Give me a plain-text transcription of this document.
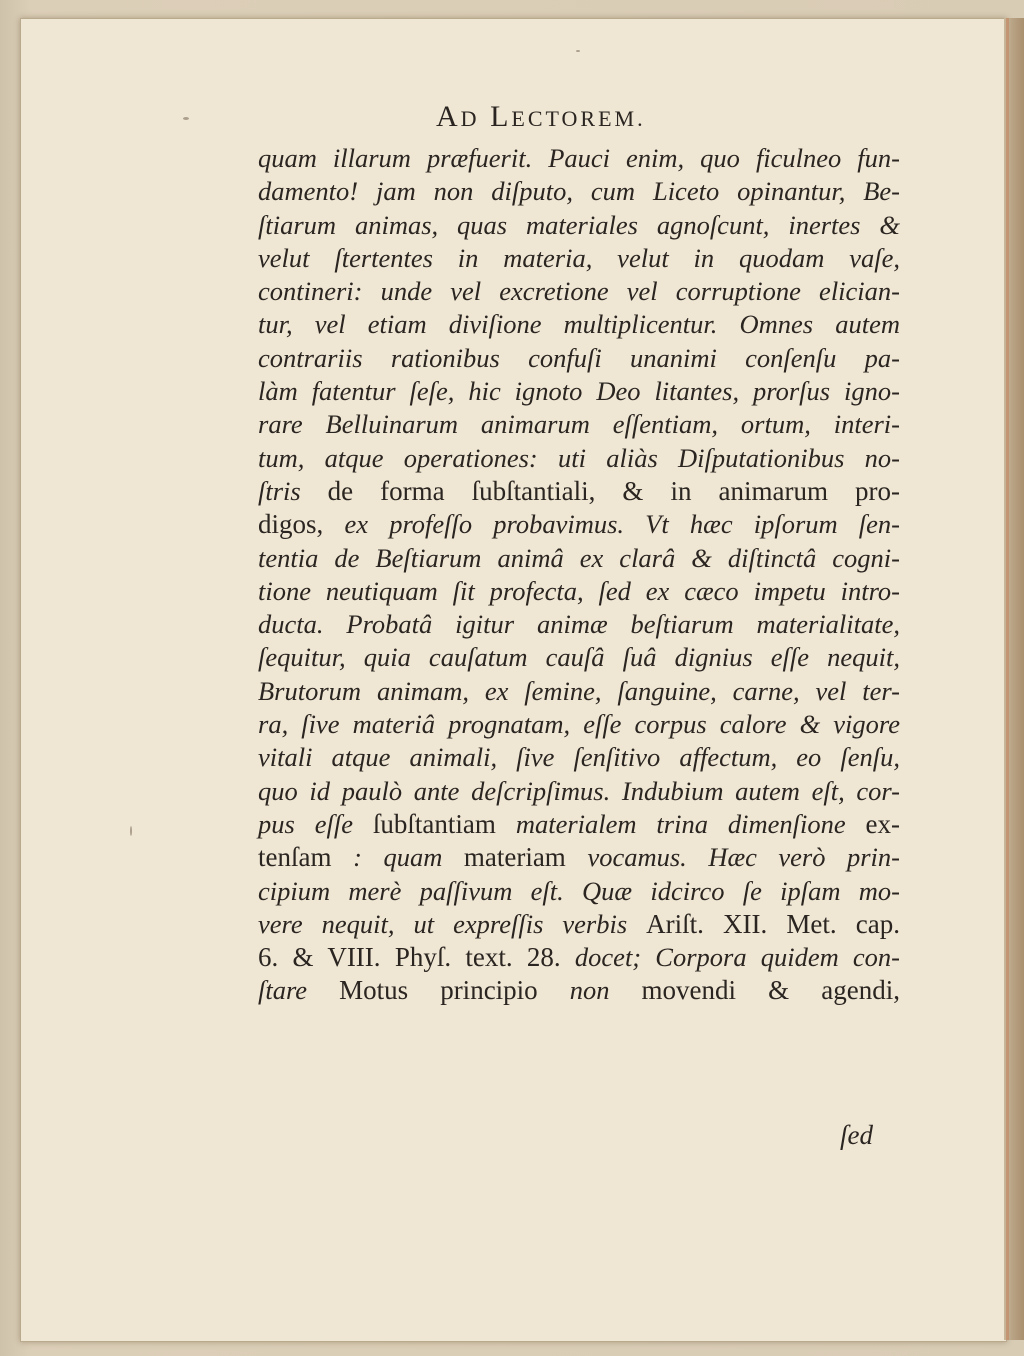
AD LECTOREM.
quam illarum præfuerit. Pauci enim, quo ficulneo fun-
damento! jam non diſputo, cum Liceto opinantur, Be-
ſtiarum animas, quas materiales agnoſcunt, inertes &
velut ſtertentes in materia, velut in quodam vaſe,
contineri: unde vel excretione vel corruptione elician-
tur, vel etiam diviſione multiplicentur. Omnes autem
contrariis rationibus confuſi unanimi conſenſu pa-
làm fatentur ſeſe, hic ignoto Deo litantes, prorſus igno-
rare Belluinarum animarum eſſentiam, ortum, interi-
tum, atque operationes: uti aliàs Diſputationibus no-
ſtris de forma ſubſtantiali, & in animarum pro-
digos, ex profeſſo probavimus. Vt hæc ipſorum ſen-
tentia de Beſtiarum animâ ex clarâ & diſtinctâ cogni-
tione neutiquam ſit profecta, ſed ex cæco impetu intro-
ducta. Probatâ igitur animæ beſtiarum materialitate,
ſequitur, quia cauſatum cauſâ ſuâ dignius eſſe nequit,
Brutorum animam, ex ſemine, ſanguine, carne, vel ter-
ra, ſive materiâ prognatam, eſſe corpus calore & vigore
vitali atque animali, ſive ſenſitivo affectum, eo ſenſu,
quo id paulò ante deſcripſimus. Indubium autem eſt, cor-
pus eſſe ſubſtantiam materialem trina dimenſione ex-
tenſam : quam materiam vocamus. Hæc verò prin-
cipium merè paſſivum eſt. Quæ idcirco ſe ipſam mo-
vere nequit, ut expreſſis verbis Ariſt. XII. Met. cap.
6. & VIII. Phyſ. text. 28. docet; Corpora quidem con-
ſtare Motus principio non movendi & agendi,
ſed
